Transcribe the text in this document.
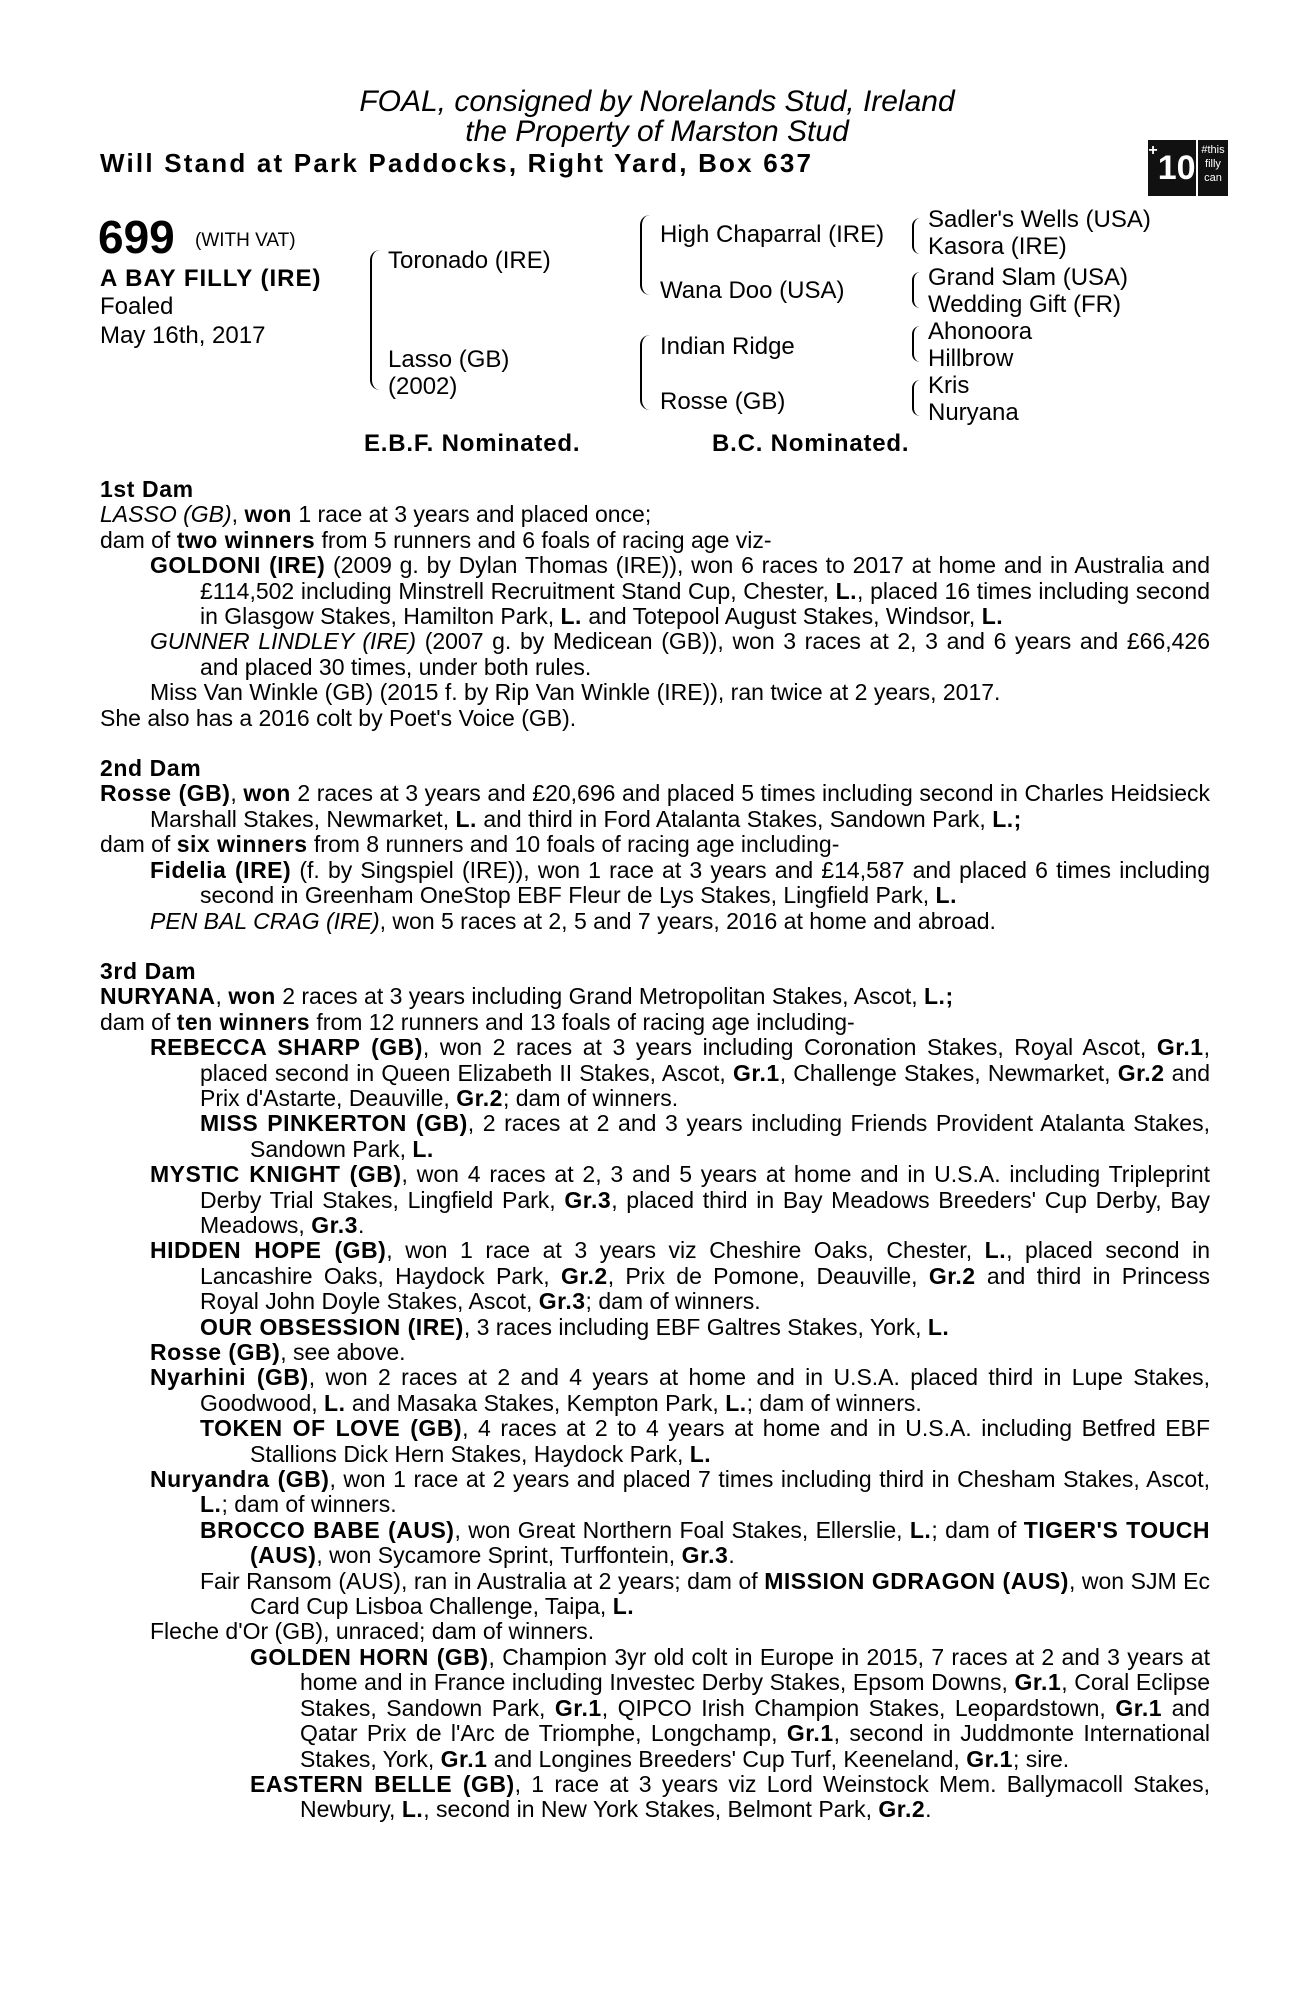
FOAL, consigned by Norelands Stud, Ireland
the Property of Marston Stud
Will Stand at Park Paddocks, Right Yard, Box 637	+10 #this
filly
can
699 (WITH VAT)
A BAY FILLY (IRE)
Foaled
May 16th, 2017
Toronado (IRE)
Lasso (GB)
(2002)
High Chaparral (IRE)
Wana Doo (USA)
Indian Ridge
Rosse (GB)
Sadler's Wells (USA)
Kasora (IRE)
Grand Slam (USA)
Wedding Gift (FR)
Ahonoora
Hillbrow
Kris
Nuryana
E.B.F. Nominated.	B.C. Nominated.

1st Dam

LASSO (GB), won 1 race at 3 years and placed once;

dam of two winners from 5 runners and 6 foals of racing age viz-

GOLDONI (IRE) (2009 g. by Dylan Thomas (IRE)), won 6 races to 2017 at home and in Australia and £114,502 including Minstrell Recruitment Stand Cup, Chester, L., placed 16 times including second in Glasgow Stakes, Hamilton Park, L. and Totepool August Stakes, Windsor, L.

GUNNER LINDLEY (IRE) (2007 g. by Medicean (GB)), won 3 races at 2, 3 and 6 years and £66,426 and placed 30 times, under both rules.

Miss Van Winkle (GB) (2015 f. by Rip Van Winkle (IRE)), ran twice at 2 years, 2017.

She also has a 2016 colt by Poet's Voice (GB).

2nd Dam

Rosse (GB), won 2 races at 3 years and £20,696 and placed 5 times including second in Charles Heidsieck Marshall Stakes, Newmarket, L. and third in Ford Atalanta Stakes, Sandown Park, L.;

dam of six winners from 8 runners and 10 foals of racing age including-

Fidelia (IRE) (f. by Singspiel (IRE)), won 1 race at 3 years and £14,587 and placed 6 times including second in Greenham OneStop EBF Fleur de Lys Stakes, Lingfield Park, L.

PEN BAL CRAG (IRE), won 5 races at 2, 5 and 7 years, 2016 at home and abroad.

3rd Dam

NURYANA, won 2 races at 3 years including Grand Metropolitan Stakes, Ascot, L.;

dam of ten winners from 12 runners and 13 foals of racing age including-

REBECCA SHARP (GB), won 2 races at 3 years including Coronation Stakes, Royal Ascot, Gr.1, placed second in Queen Elizabeth II Stakes, Ascot, Gr.1, Challenge Stakes, Newmarket, Gr.2 and Prix d'Astarte, Deauville, Gr.2; dam of winners.

MISS PINKERTON (GB), 2 races at 2 and 3 years including Friends Provident Atalanta Stakes, Sandown Park, L.

MYSTIC KNIGHT (GB), won 4 races at 2, 3 and 5 years at home and in U.S.A. including Tripleprint Derby Trial Stakes, Lingfield Park, Gr.3, placed third in Bay Meadows Breeders' Cup Derby, Bay Meadows, Gr.3.

HIDDEN HOPE (GB), won 1 race at 3 years viz Cheshire Oaks, Chester, L., placed second in Lancashire Oaks, Haydock Park, Gr.2, Prix de Pomone, Deauville, Gr.2 and third in Princess Royal John Doyle Stakes, Ascot, Gr.3; dam of winners.

OUR OBSESSION (IRE), 3 races including EBF Galtres Stakes, York, L.

Rosse (GB), see above.

Nyarhini (GB), won 2 races at 2 and 4 years at home and in U.S.A. placed third in Lupe Stakes, Goodwood, L. and Masaka Stakes, Kempton Park, L.; dam of winners.

TOKEN OF LOVE (GB), 4 races at 2 to 4 years at home and in U.S.A. including Betfred EBF Stallions Dick Hern Stakes, Haydock Park, L.

Nuryandra (GB), won 1 race at 2 years and placed 7 times including third in Chesham Stakes, Ascot, L.; dam of winners.

BROCCO BABE (AUS), won Great Northern Foal Stakes, Ellerslie, L.; dam of TIGER'S TOUCH (AUS), won Sycamore Sprint, Turffontein, Gr.3.

Fair Ransom (AUS), ran in Australia at 2 years; dam of MISSION GDRAGON (AUS), won SJM Ec Card Cup Lisboa Challenge, Taipa, L.

Fleche d'Or (GB), unraced; dam of winners.

GOLDEN HORN (GB), Champion 3yr old colt in Europe in 2015, 7 races at 2 and 3 years at home and in France including Investec Derby Stakes, Epsom Downs, Gr.1, Coral Eclipse Stakes, Sandown Park, Gr.1, QIPCO Irish Champion Stakes, Leopardstown, Gr.1 and Qatar Prix de l'Arc de Triomphe, Longchamp, Gr.1, second in Juddmonte International Stakes, York, Gr.1 and Longines Breeders' Cup Turf, Keeneland, Gr.1; sire.

EASTERN BELLE (GB), 1 race at 3 years viz Lord Weinstock Mem. Ballymacoll Stakes, Newbury, L., second in New York Stakes, Belmont Park, Gr.2.
